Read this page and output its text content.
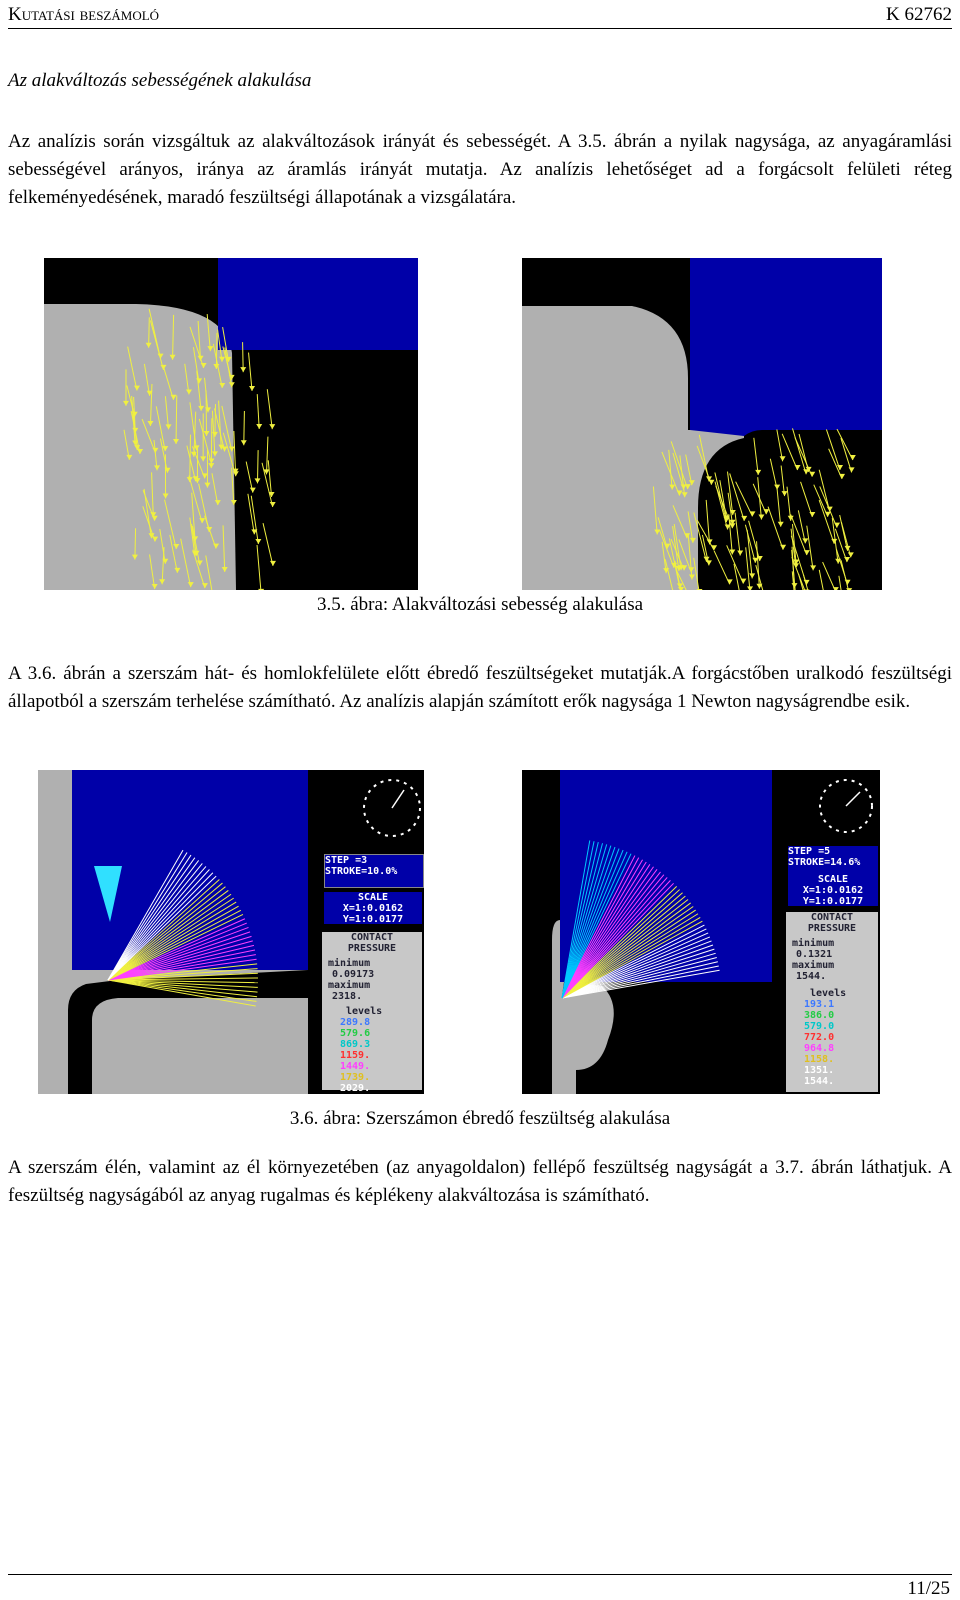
Kutatási beszámoló	K 62762
Az alakváltozás sebességének alakulása
Az analízis során vizsgáltuk az alakváltozások irányát és sebességét. A 3.5. ábrán a nyilak nagysága, az anyagáramlási sebességével arányos, iránya az áramlás irányát mutatja. Az analízis lehetőséget ad a forgácsolt felületi réteg felkeményedésének, maradó feszültségi állapotának a vizsgálatára.
3.5. ábra: Alakváltozási sebesség alakulása
A 3.6. ábrán a szerszám hát- és homlokfelülete előtt ébredő feszültségeket mutatják.A forgácstőben uralkodó feszültségi állapotból a szerszám terhelése számítható. Az analízis alapján számított erők nagysága 1 Newton nagyságrendbe esik.
STEP =3
STROKE=10.0%
SCALE
X=1:0.0162
Y=1:0.0177
CONTACT
PRESSURE
minimum
0.09173
maximum
2318.
levels
289.8
579.6
869.3
1159.
1449.
1739.
2029.
2318.
STEP =5
STROKE=14.6%
SCALE
X=1:0.0162
Y=1:0.0177
CONTACT
PRESSURE
minimum
0.1321
maximum
1544.
levels
193.1
386.0
579.0
772.0
964.8
1158.
1351.
1544.
3.6. ábra: Szerszámon ébredő feszültség alakulása
A szerszám élén, valamint az él környezetében (az anyagoldalon) fellépő feszültség nagyságát a 3.7. ábrán láthatjuk. A feszültség nagyságából az anyag rugalmas és képlékeny alakváltozása is számítható.
11/25
